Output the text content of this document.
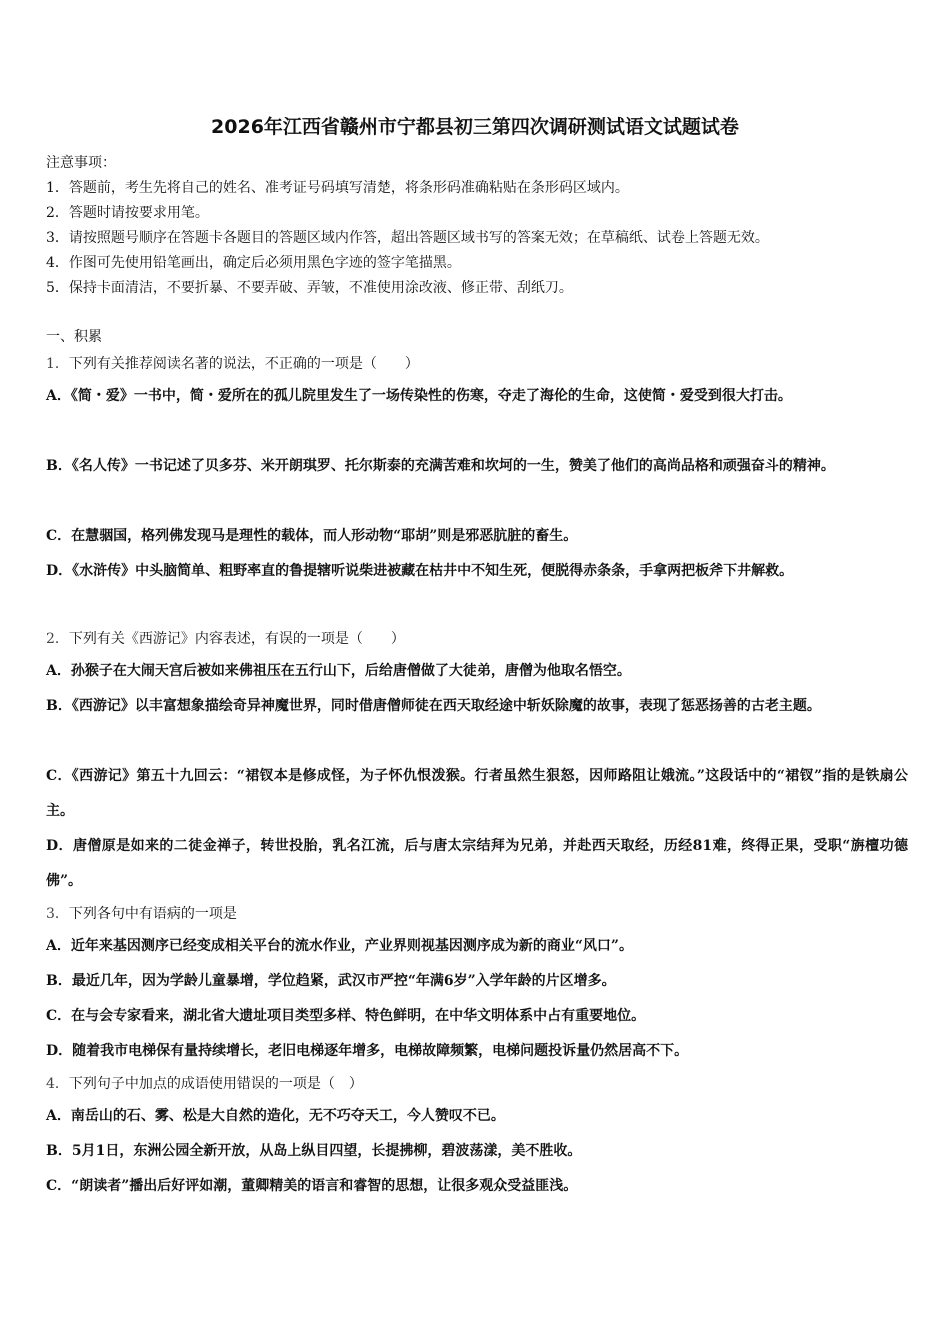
2026年江西省赣州市宁都县初三第四次调研测试语文试题试卷
注意事项：
1．答题前，考生先将自己的姓名、准考证号码填写清楚，将条形码准确粘贴在条形码区域内。
2．答题时请按要求用笔。
3．请按照题号顺序在答题卡各题目的答题区域内作答，超出答题区域书写的答案无效；在草稿纸、试卷上答题无效。
4．作图可先使用铅笔画出，确定后必须用黑色字迹的签字笔描黑。
5．保持卡面清洁，不要折暴、不要弄破、弄皱，不准使用涂改液、修正带、刮纸刀。
一、积累
1．下列有关推荐阅读名著的说法，不正确的一项是（　　）
A．《简・爱》一书中，简・爱所在的孤儿院里发生了一场传染性的伤寒，夺走了海伦的生命，这使简・爱受到很大打击。
B．《名人传》一书记述了贝多芬、米开朗琪罗、托尔斯泰的充满苦难和坎坷的一生，赞美了他们的高尚品格和顽强奋斗的精神。
C．在慧骃国，格列佛发现马是理性的载体，而人形动物“耶胡”则是邪恶肮脏的畜生。
D．《水浒传》中头脑简单、粗野率直的鲁提辖听说柴进被藏在枯井中不知生死，便脱得赤条条，手拿两把板斧下井解救。
2．下列有关《西游记》内容表述，有误的一项是（　　）
A．孙猴子在大闹天宫后被如来佛祖压在五行山下，后给唐僧做了大徒弟，唐僧为他取名悟空。
B．《西游记》以丰富想象描绘奇异神魔世界，同时借唐僧师徒在西天取经途中斩妖除魔的故事，表现了惩恶扬善的古老主题。
C．《西游记》第五十九回云：“裙钗本是修成怪，为子怀仇恨泼猴。行者虽然生狠怒，因师路阻让娥流。”这段话中的“裙钗”指的是铁扇公主。
D．唐僧原是如来的二徒金禅子，转世投胎，乳名江流，后与唐太宗结拜为兄弟，并赴西天取经，历经81难，终得正果，受职“旃檀功德佛”。
3．下列各句中有语病的一项是
A．近年来基因测序已经变成相关平台的流水作业，产业界则视基因测序成为新的商业“风口”。
B．最近几年，因为学龄儿童暴增，学位趋紧，武汉市严控“年满6岁”入学年龄的片区增多。
C．在与会专家看来，湖北省大遗址项目类型多样、特色鲜明，在中华文明体系中占有重要地位。
D．随着我市电梯保有量持续增长，老旧电梯逐年增多，电梯故障频繁，电梯问题投诉量仍然居高不下。
4．下列句子中加点的成语使用错误的一项是（　）
A．南岳山的石、雾、松是大自然的造化，无不巧夺天工，今人赞叹不已。
B．5月1日，东洲公园全新开放，从岛上纵目四望，长提拂柳，碧波荡漾，美不胜收。
C．“朗读者”播出后好评如潮，董卿精美的语言和睿智的思想，让很多观众受益匪浅。
